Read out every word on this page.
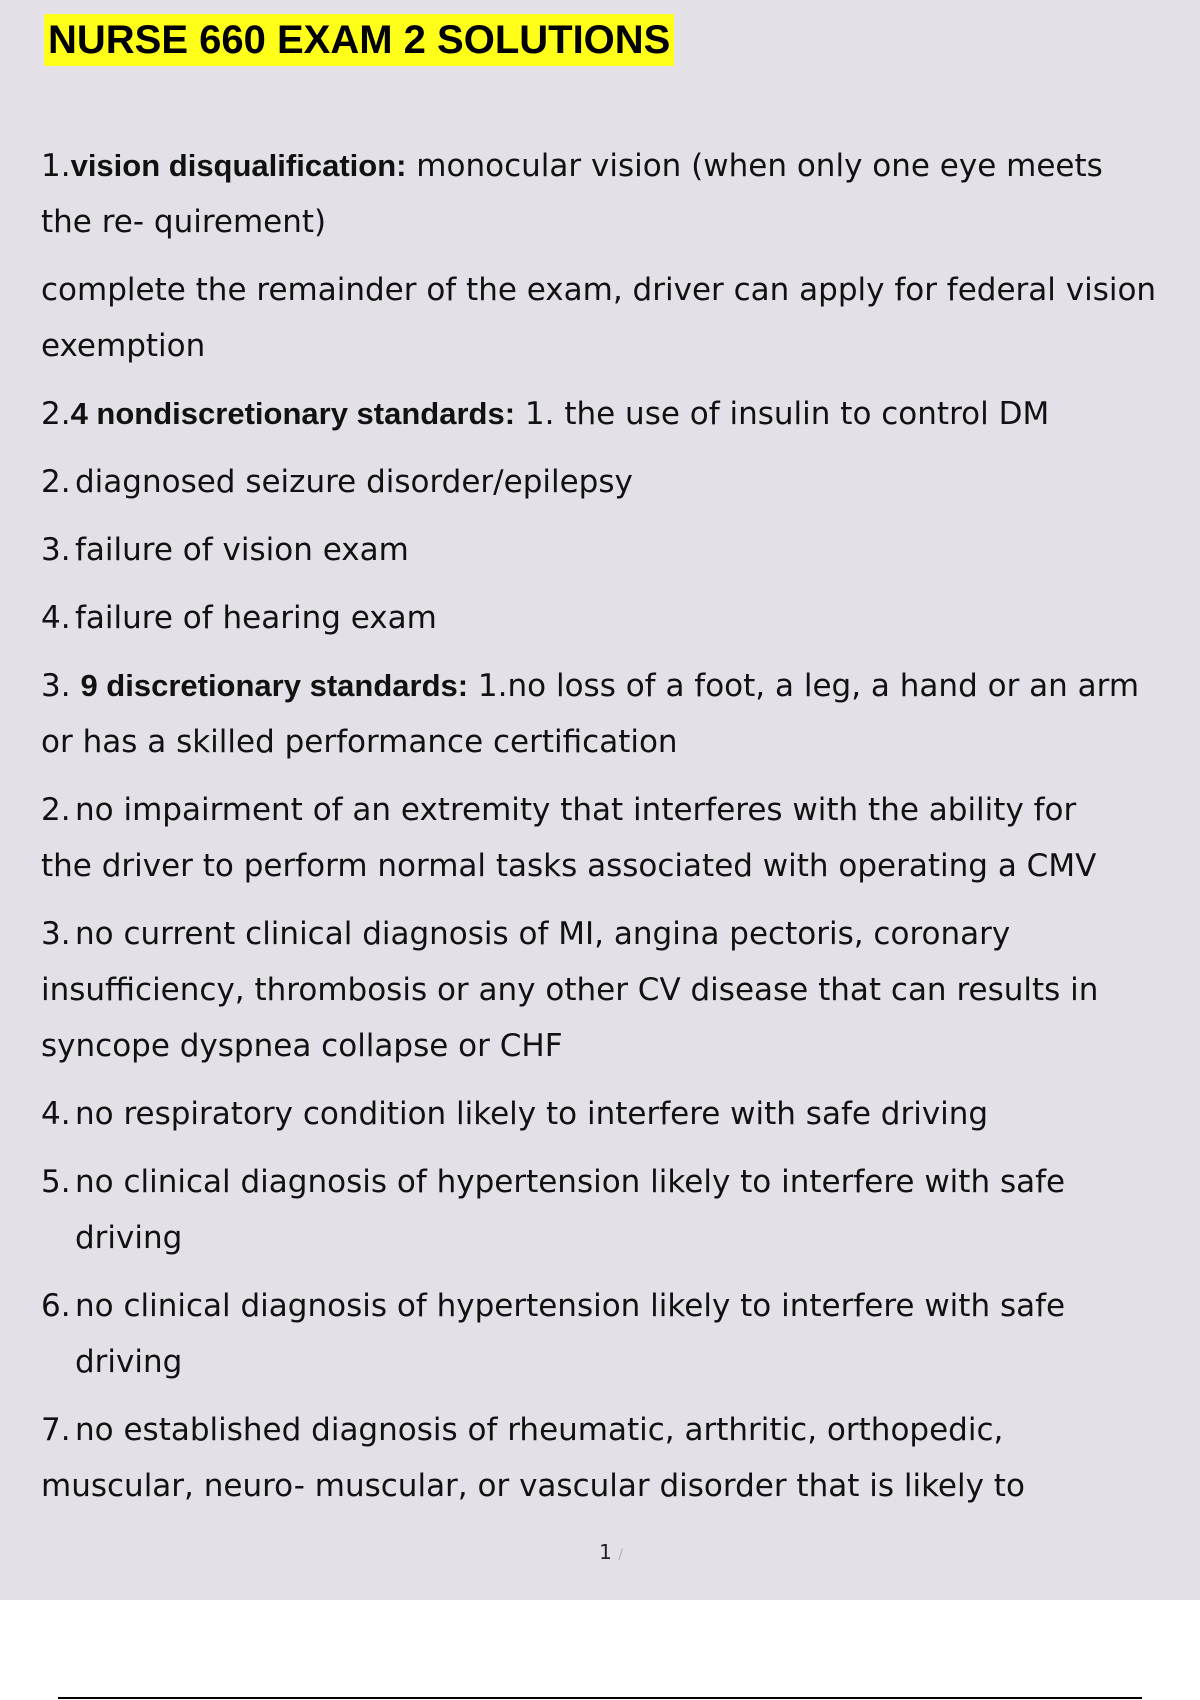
NURSE 660 EXAM 2 SOLUTIONS
1.vision disqualification: monocular vision (when only one eye meets
the re- quirement)
complete the remainder of the exam, driver can apply for federal vision
exemption
2.4 nondiscretionary standards: 1. the use of insulin to control DM
2. diagnosed seizure disorder/epilepsy
3. failure of vision exam
4. failure of hearing exam
3. 9 discretionary standards: 1.no loss of a foot, a leg, a hand or an arm
or has a skilled performance certification
2. no impairment of an extremity that interferes with the ability for
the driver to perform normal tasks associated with operating a CMV
3. no current clinical diagnosis of MI, angina pectoris, coronary
insufficiency, thrombosis or any other CV disease that can results in
syncope dyspnea collapse or CHF
4. no respiratory condition likely to interfere with safe driving
5. no clinical diagnosis of hypertension likely to interfere with safe
driving
6. no clinical diagnosis of hypertension likely to interfere with safe
driving
7. no established diagnosis of rheumatic, arthritic, orthopedic,
muscular, neuro- muscular, or vascular disorder that is likely to
1 /
